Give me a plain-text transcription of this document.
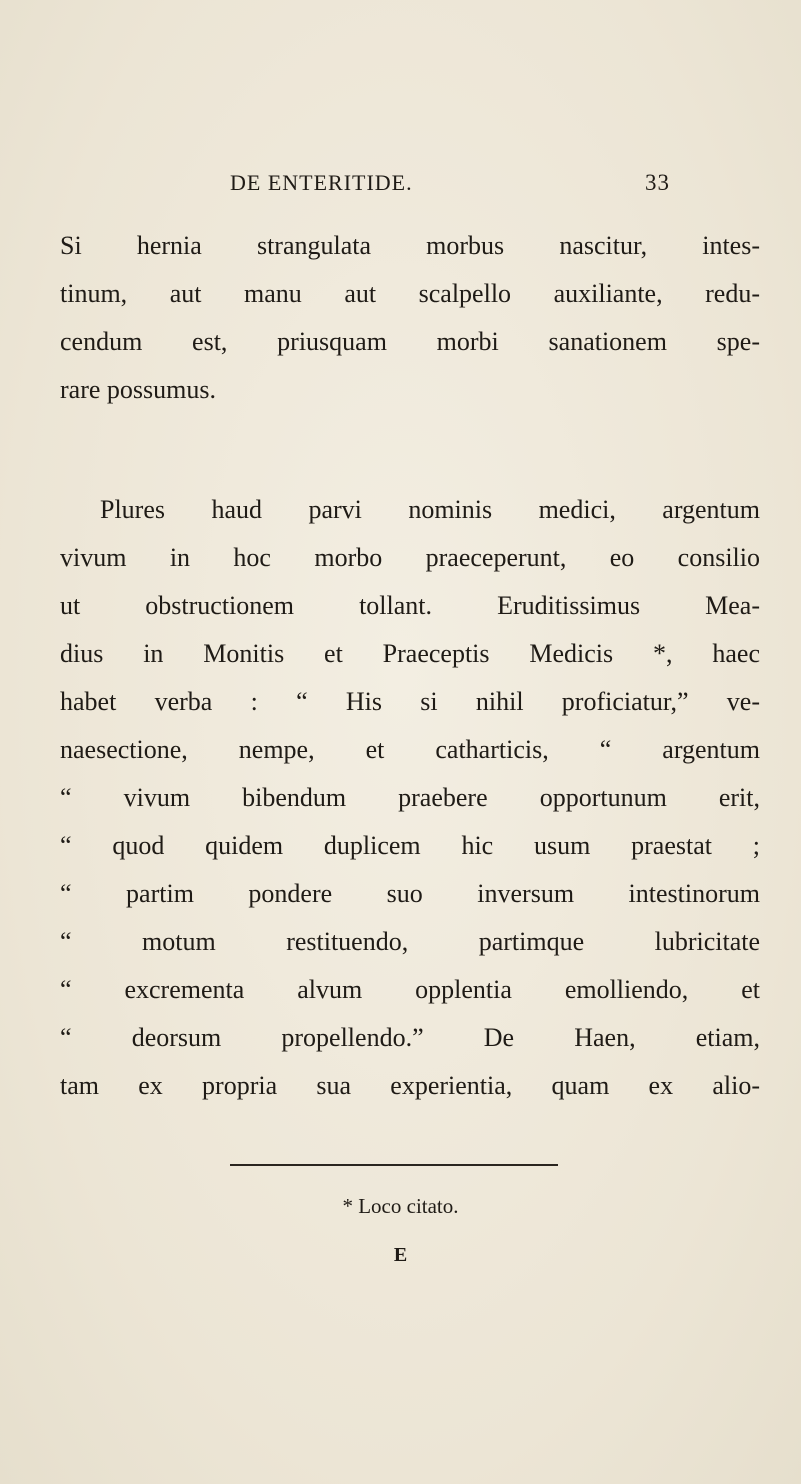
DE ENTERITIDE.	33
Si hernia strangulata morbus nascitur, intes-
tinum, aut manu aut scalpello auxiliante, redu-
cendum est, priusquam morbi sanationem spe-
rare possumus.
Plures haud parvi nominis medici, argentum
vivum in hoc morbo praeceperunt, eo consilio
ut obstructionem tollant. Eruditissimus Mea-
dius in Monitis et Praeceptis Medicis *, haec
habet verba : “ His si nihil proficiatur,” ve-
naesectione, nempe, et catharticis, “ argentum
“ vivum bibendum praebere opportunum erit,
“ quod quidem duplicem hic usum praestat ;
“ partim pondere suo inversum intestinorum
“ motum restituendo, partimque lubricitate
“ excrementa alvum opplentia emolliendo, et
“ deorsum propellendo.” De Haen, etiam,
tam ex propria sua experientia, quam ex alio-
* Loco citato.
E
